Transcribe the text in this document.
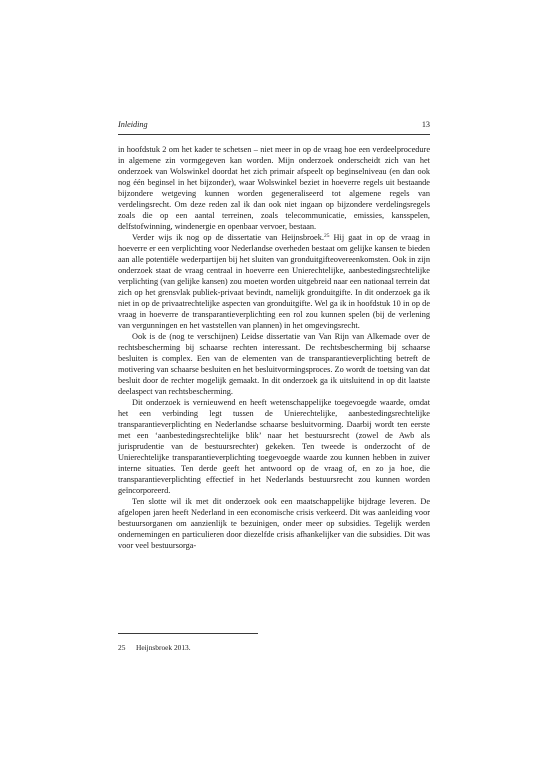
Inleiding	13

in hoofdstuk 2 om het kader te schetsen – niet meer in op de vraag hoe een verdeelprocedure in algemene zin vormgegeven kan worden. Mijn onderzoek onderscheidt zich van het onderzoek van Wolswinkel doordat het zich primair afspeelt op beginselniveau (en dan ook nog één beginsel in het bijzonder), waar Wolswinkel beziet in hoeverre regels uit bestaande bijzondere wetgeving kunnen worden gegeneraliseerd tot algemene regels van verdelingsrecht. Om deze reden zal ik dan ook niet ingaan op bijzondere verdelingsregels zoals die op een aantal terreinen, zoals telecommunicatie, emissies, kansspelen, delfstofwinning, windenergie en openbaar vervoer, bestaan.

Verder wijs ik nog op de dissertatie van Heijnsbroek.$^{25}$ Hij gaat in op de vraag in hoeverre er een verplichting voor Nederlandse overheden bestaat om gelijke kansen te bieden aan alle potentiële wederpartijen bij het sluiten van gronduitgifteovereenkomsten. Ook in zijn onderzoek staat de vraag centraal in hoeverre een Unierechtelijke, aanbestedingsrechtelijke verplichting (van gelijke kansen) zou moeten worden uitgebreid naar een nationaal terrein dat zich op het grensvlak publiek-privaat bevindt, namelijk gronduitgifte. In dit onderzoek ga ik niet in op de privaatrechtelijke aspecten van gronduitgifte. Wel ga ik in hoofdstuk 10 in op de vraag in hoeverre de transparantieverplichting een rol zou kunnen spelen (bij de verlening van vergunningen en het vaststellen van plannen) in het omgevingsrecht.

Ook is de (nog te verschijnen) Leidse dissertatie van Van Rijn van Alkemade over de rechtsbescherming bij schaarse rechten interessant. De rechtsbescherming bij schaarse besluiten is complex. Een van de elementen van de transparantieverplichting betreft de motivering van schaarse besluiten en het besluitvormingsproces. Zo wordt de toetsing van dat besluit door de rechter mogelijk gemaakt. In dit onderzoek ga ik uitsluitend in op dit laatste deelaspect van rechtsbescherming.

Dit onderzoek is vernieuwend en heeft wetenschappelijke toegevoegde waarde, omdat het een verbinding legt tussen de Unierechtelijke, aanbestedingsrechtelijke transparantieverplichting en Nederlandse schaarse besluitvorming. Daarbij wordt ten eerste met een ‘aanbestedingsrechtelijke blik’ naar het bestuursrecht (zowel de Awb als jurisprudentie van de bestuursrechter) gekeken. Ten tweede is onderzocht of de Unierechtelijke transparantieverplichting toegevoegde waarde zou kunnen hebben in zuiver interne situaties. Ten derde geeft het antwoord op de vraag of, en zo ja hoe, die transparantieverplichting effectief in het Nederlands bestuursrecht zou kunnen worden geïncorporeerd.

Ten slotte wil ik met dit onderzoek ook een maatschappelijke bijdrage leveren. De afgelopen jaren heeft Nederland in een economische crisis verkeerd. Dit was aanleiding voor bestuursorganen om aanzienlijk te bezuinigen, onder meer op subsidies. Tegelijk werden ondernemingen en particulieren door diezelfde crisis afhankelijker van die subsidies. Dit was voor veel bestuursorga-

25 Heijnsbroek 2013.
